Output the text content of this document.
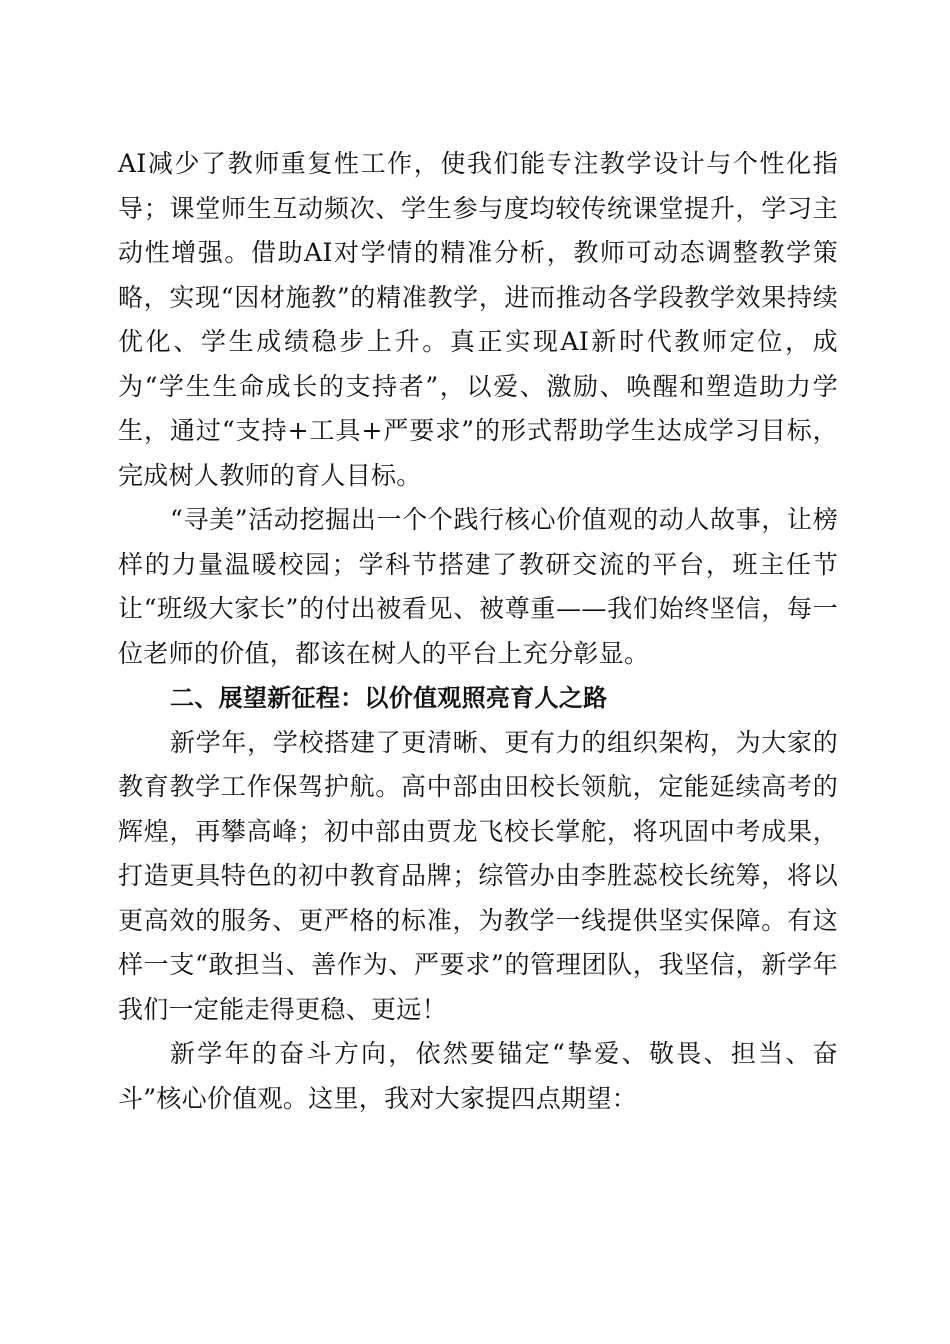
AI减少了教师重复性工作，使我们能专注教学设计与个性化指导；课堂师生互动频次、学生参与度均较传统课堂提升，学习主动性增强。借助AI对学情的精准分析，教师可动态调整教学策略，实现“因材施教”的精准教学，进而推动各学段教学效果持续优化、学生成绩稳步上升。真正实现AI新时代教师定位，成为“学生生命成长的支持者”，以爱、激励、唤醒和塑造助力学生，通过“支持+工具+严要求”的形式帮助学生达成学习目标，完成树人教师的育人目标。

“寻美”活动挖掘出一个个践行核心价值观的动人故事，让榜样的力量温暖校园；学科节搭建了教研交流的平台，班主任节让“班级大家长”的付出被看见、被尊重——我们始终坚信，每一位老师的价值，都该在树人的平台上充分彰显。

二、展望新征程：以价值观照亮育人之路

新学年，学校搭建了更清晰、更有力的组织架构，为大家的教育教学工作保驾护航。高中部由田校长领航，定能延续高考的辉煌，再攀高峰；初中部由贾龙飞校长掌舵，将巩固中考成果，打造更具特色的初中教育品牌；综管办由李胜蕊校长统筹，将以更高效的服务、更严格的标准，为教学一线提供坚实保障。有这样一支“敢担当、善作为、严要求”的管理团队，我坚信，新学年我们一定能走得更稳、更远！

新学年的奋斗方向，依然要锚定“挚爱、敬畏、担当、奋斗”核心价值观。这里，我对大家提四点期望：
